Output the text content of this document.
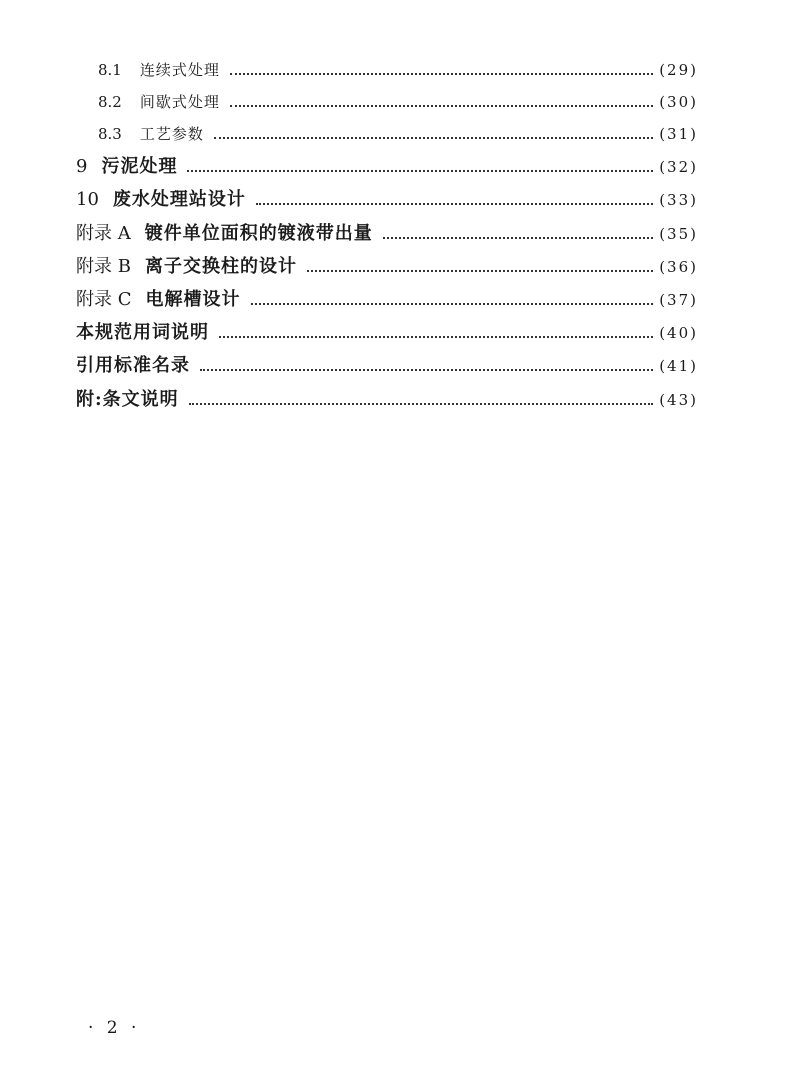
8.1 连续式处理	(29)
8.2 间歇式处理	(30)
8.3 工艺参数	(31)
9 污泥处理	(32)
10 废水处理站设计	(33)
附录 A 镀件单位面积的镀液带出量	(35)
附录 B 离子交换柱的设计	(36)
附录 C 电解槽设计	(37)
本规范用词说明	(40)
引用标准名录	(41)
附:条文说明	(43)
· 2 ·
